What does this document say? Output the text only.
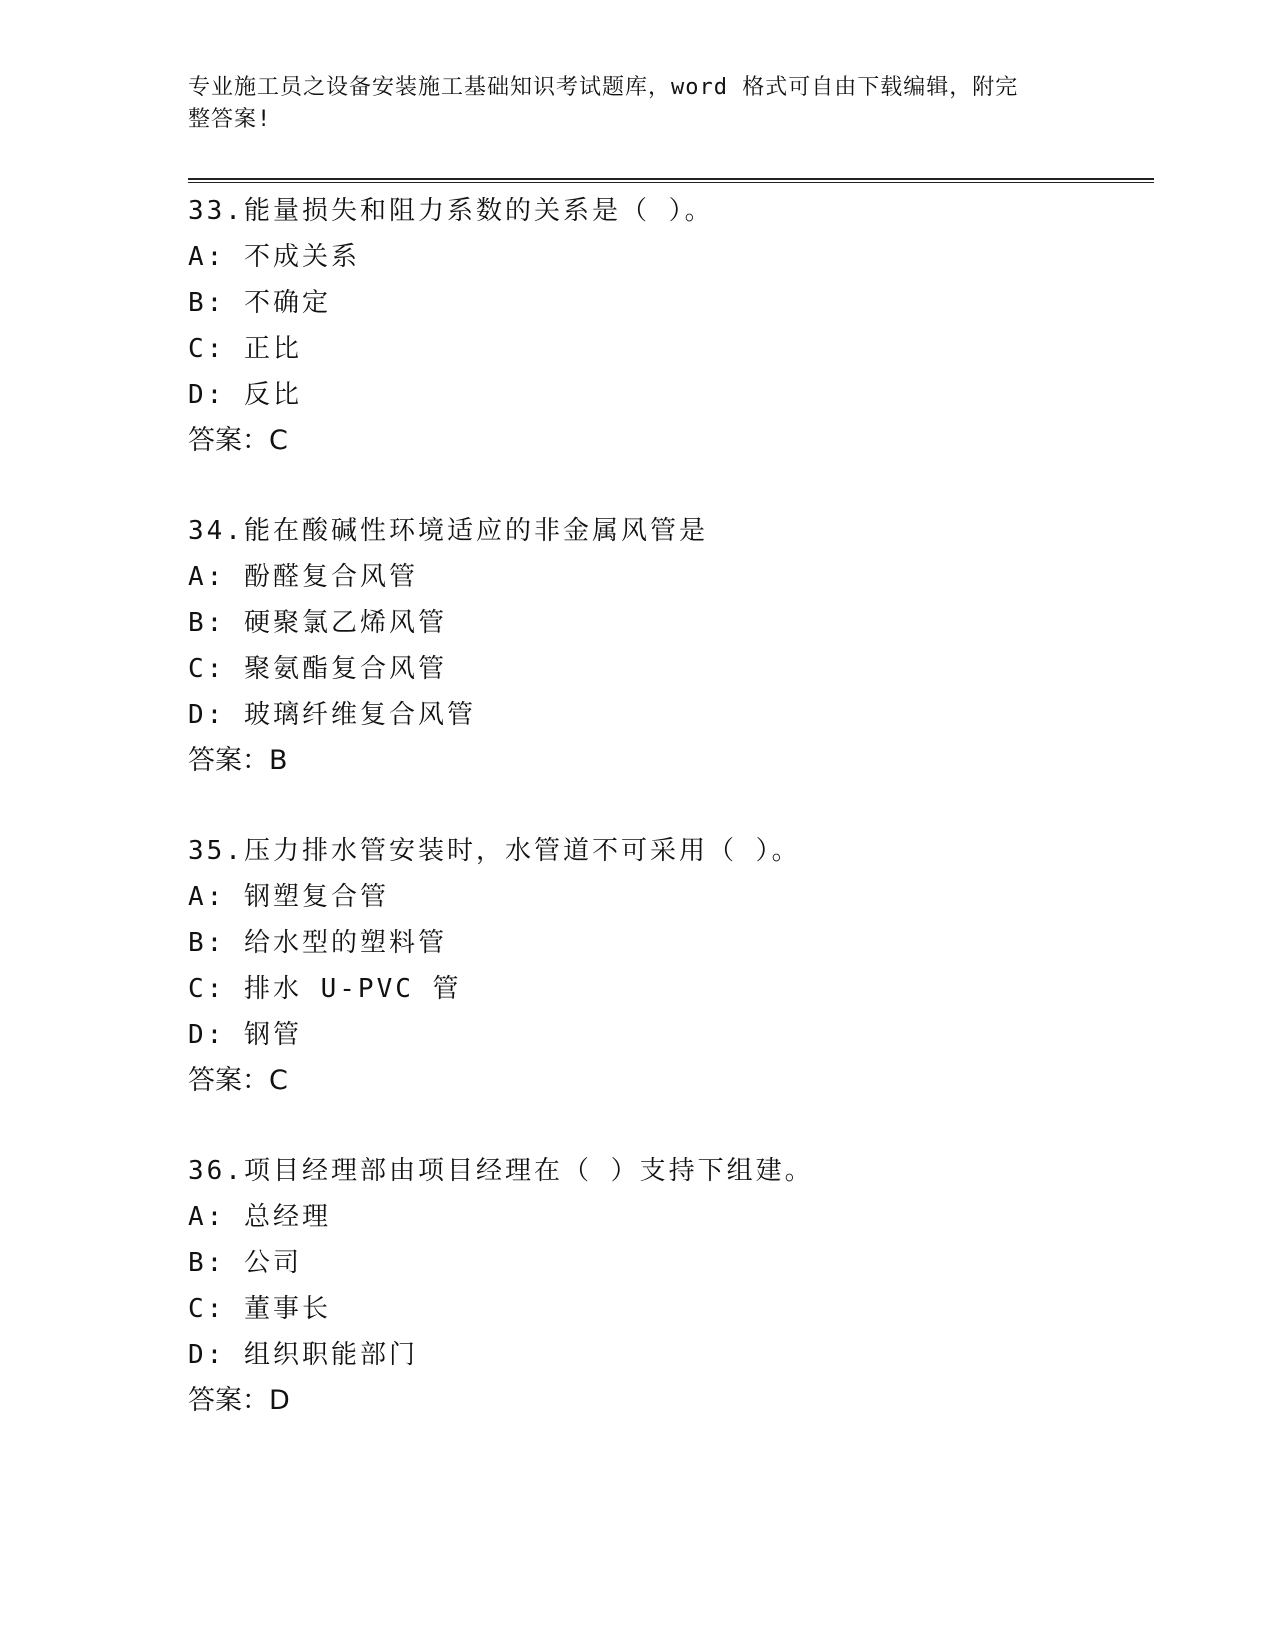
专业施工员之设备安装施工基础知识考试题库，word 格式可自由下载编辑，附完
整答案!
33.能量损失和阻力系数的关系是（ ）。
A: 不成关系
B: 不确定
C: 正比
D: 反比
答案：C
34.能在酸碱性环境适应的非金属风管是
A: 酚醛复合风管
B: 硬聚氯乙烯风管
C: 聚氨酯复合风管
D: 玻璃纤维复合风管
答案：B
35.压力排水管安装时，水管道不可采用（ ）。
A: 钢塑复合管
B: 给水型的塑料管
C: 排水 U-PVC 管
D: 钢管
答案：C
36.项目经理部由项目经理在（ ）支持下组建。
A: 总经理
B: 公司
C: 董事长
D: 组织职能部门
答案：D
